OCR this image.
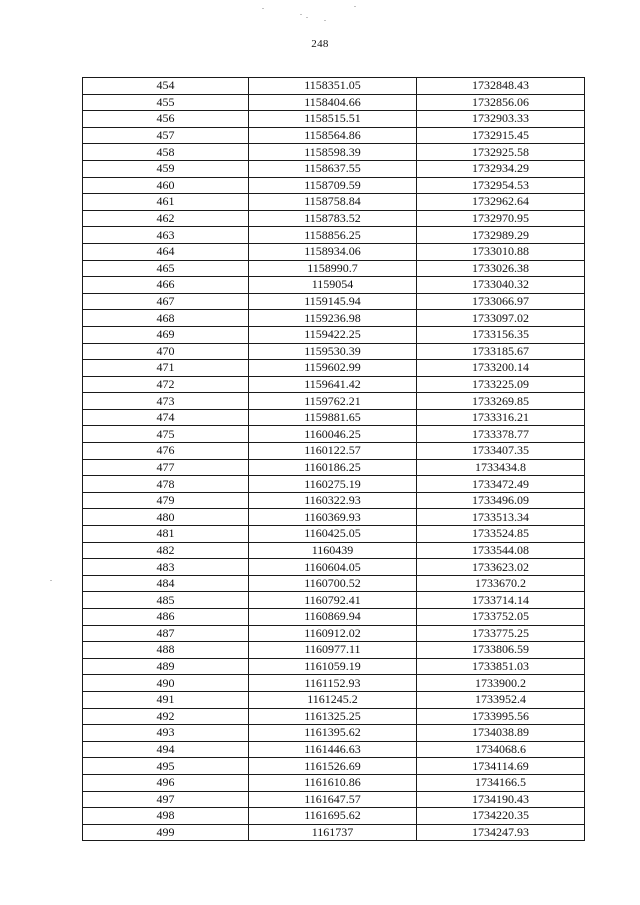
248
454	1158351.05	1732848.43
455	1158404.66	1732856.06
456	1158515.51	1732903.33
457	1158564.86	1732915.45
458	1158598.39	1732925.58
459	1158637.55	1732934.29
460	1158709.59	1732954.53
461	1158758.84	1732962.64
462	1158783.52	1732970.95
463	1158856.25	1732989.29
464	1158934.06	1733010.88
465	1158990.7	1733026.38
466	1159054	1733040.32
467	1159145.94	1733066.97
468	1159236.98	1733097.02
469	1159422.25	1733156.35
470	1159530.39	1733185.67
471	1159602.99	1733200.14
472	1159641.42	1733225.09
473	1159762.21	1733269.85
474	1159881.65	1733316.21
475	1160046.25	1733378.77
476	1160122.57	1733407.35
477	1160186.25	1733434.8
478	1160275.19	1733472.49
479	1160322.93	1733496.09
480	1160369.93	1733513.34
481	1160425.05	1733524.85
482	1160439	1733544.08
483	1160604.05	1733623.02
484	1160700.52	1733670.2
485	1160792.41	1733714.14
486	1160869.94	1733752.05
487	1160912.02	1733775.25
488	1160977.11	1733806.59
489	1161059.19	1733851.03
490	1161152.93	1733900.2
491	1161245.2	1733952.4
492	1161325.25	1733995.56
493	1161395.62	1734038.89
494	1161446.63	1734068.6
495	1161526.69	1734114.69
496	1161610.86	1734166.5
497	1161647.57	1734190.43
498	1161695.62	1734220.35
499	1161737	1734247.93
